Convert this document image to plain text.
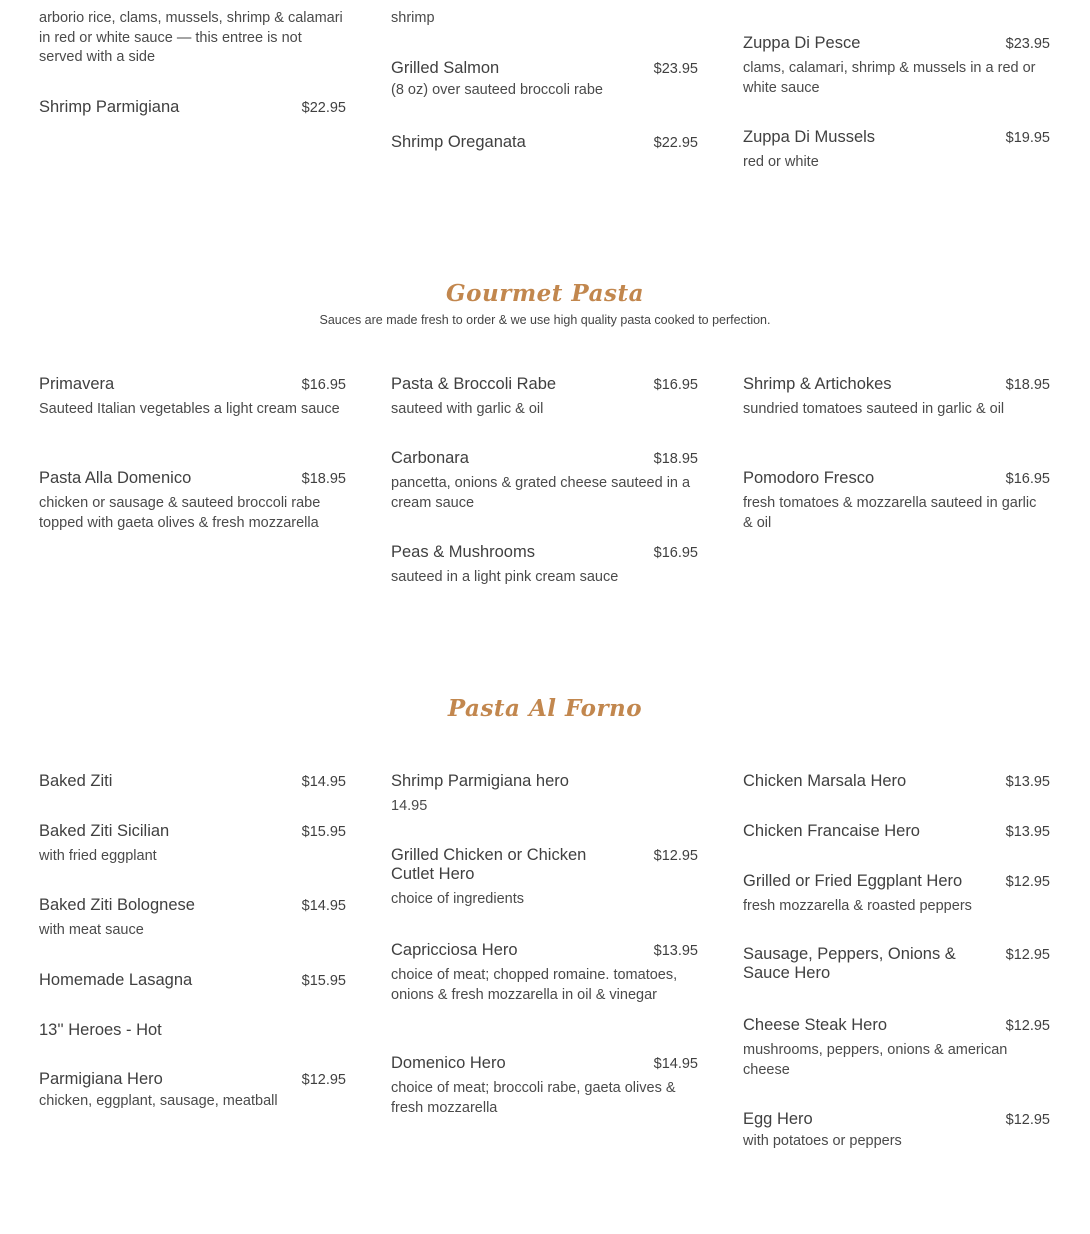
arborio rice, clams, mussels, shrimp & calamari in red or white sauce — this entree is not served with a side
Shrimp Parmigiana	$22.95
shrimp
Grilled Salmon	$23.95
(8 oz) over sauteed broccoli rabe
Shrimp Oreganata	$22.95
Zuppa Di Pesce	$23.95
clams, calamari, shrimp & mussels in a red or white sauce
Zuppa Di Mussels	$19.95
red or white
Gourmet Pasta
Sauces are made fresh to order & we use high quality pasta cooked to perfection.
Primavera	$16.95
Sauteed Italian vegetables a light cream sauce
Pasta Alla Domenico	$18.95
chicken or sausage & sauteed broccoli rabe topped with gaeta olives & fresh mozzarella
Pasta & Broccoli Rabe	$16.95
sauteed with garlic & oil
Carbonara	$18.95
pancetta, onions & grated cheese sauteed in a cream sauce
Peas & Mushrooms	$16.95
sauteed in a light pink cream sauce
Shrimp & Artichokes	$18.95
sundried tomatoes sauteed in garlic & oil
Pomodoro Fresco	$16.95
fresh tomatoes & mozzarella sauteed in garlic & oil
Pasta Al Forno
Baked Ziti	$14.95
Baked Ziti Sicilian	$15.95
with fried eggplant
Baked Ziti Bolognese	$14.95
with meat sauce
Homemade Lasagna	$15.95
13'' Heroes - Hot
Parmigiana Hero	$12.95
chicken, eggplant, sausage, meatball
Shrimp Parmigiana hero
14.95
Grilled Chicken or Chicken Cutlet Hero
$12.95
choice of ingredients
Capricciosa Hero	$13.95
choice of meat; chopped romaine. tomatoes, onions & fresh mozzarella in oil & vinegar
Domenico Hero	$14.95
choice of meat; broccoli rabe, gaeta olives & fresh mozzarella
Chicken Marsala Hero	$13.95
Chicken Francaise Hero	$13.95
Grilled or Fried Eggplant Hero	$12.95
fresh mozzarella & roasted peppers
Sausage, Peppers, Onions & Sauce Hero
$12.95
Cheese Steak Hero	$12.95
mushrooms, peppers, onions & american cheese
Egg Hero	$12.95
with potatoes or peppers
